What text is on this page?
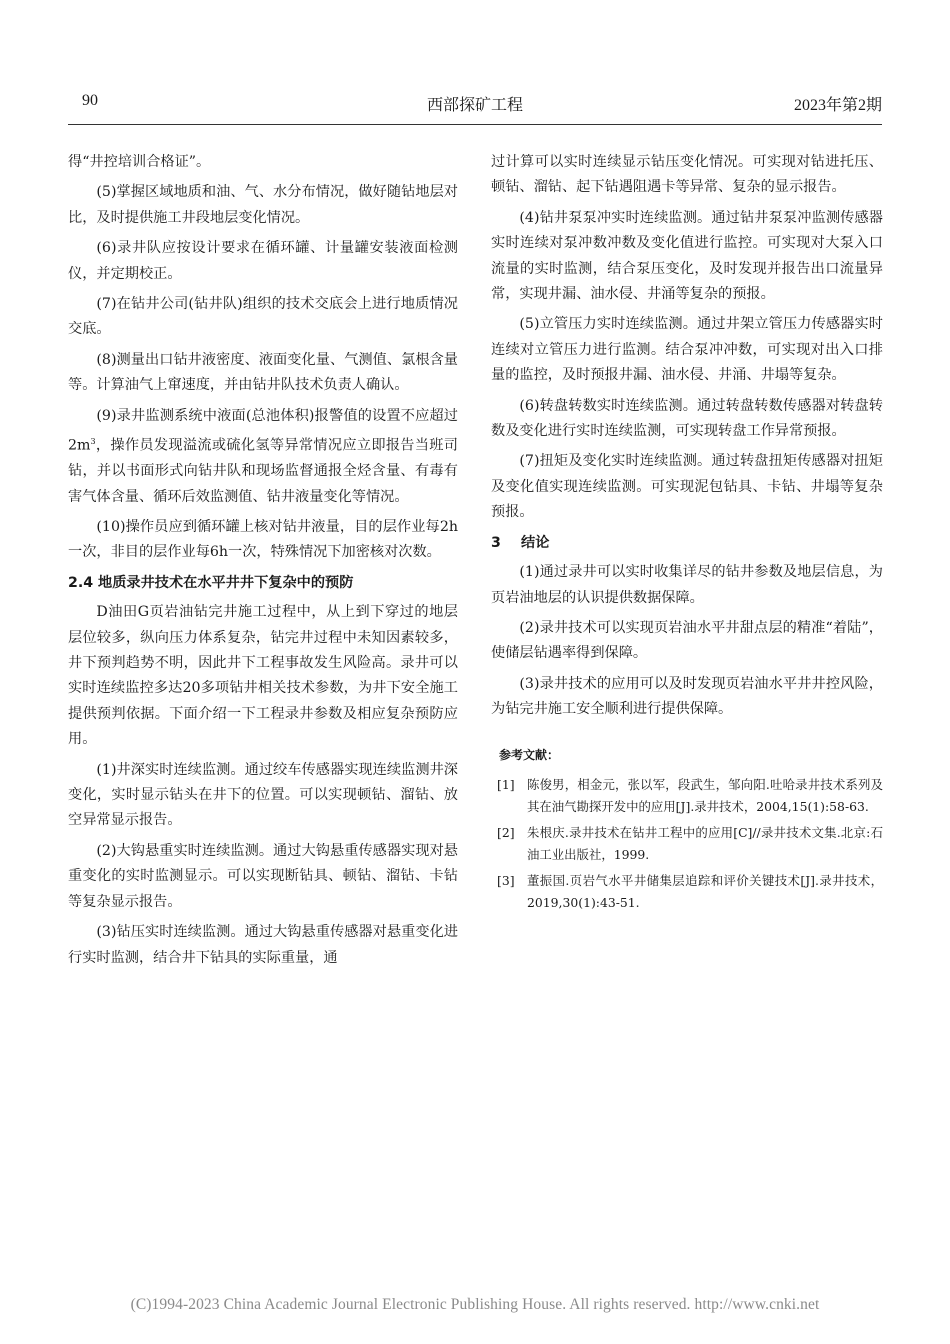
90	西部探矿工程	2023年第2期

得“井控培训合格证”。

(5)掌握区域地质和油、气、水分布情况，做好随钻地层对比，及时提供施工井段地层变化情况。

(6)录井队应按设计要求在循环罐、计量罐安装液面检测仪，并定期校正。

(7)在钻井公司(钻井队)组织的技术交底会上进行地质情况交底。

(8)测量出口钻井液密度、液面变化量、气测值、氯根含量等。计算油气上窜速度，并由钻井队技术负责人确认。

(9)录井监测系统中液面(总池体积)报警值的设置不应超过$2m^3$，操作员发现溢流或硫化氢等异常情况应立即报告当班司钻，并以书面形式向钻井队和现场监督通报全烃含量、有毒有害气体含量、循环后效监测值、钻井液量变化等情况。

(10)操作员应到循环罐上核对钻井液量，目的层作业每2h一次，非目的层作业每6h一次，特殊情况下加密核对次数。

2.4 地质录井技术在水平井井下复杂中的预防

D油田G页岩油钻完井施工过程中，从上到下穿过的地层层位较多，纵向压力体系复杂，钻完井过程中未知因素较多，井下预判趋势不明，因此井下工程事故发生风险高。录井可以实时连续监控多达20多项钻井相关技术参数，为井下安全施工提供预判依据。下面介绍一下工程录井参数及相应复杂预防应用。

(1)井深实时连续监测。通过绞车传感器实现连续监测井深变化，实时显示钻头在井下的位置。可以实现顿钻、溜钻、放空异常显示报告。

(2)大钩悬重实时连续监测。通过大钩悬重传感器实现对悬重变化的实时监测显示。可以实现断钻具、顿钻、溜钻、卡钻等复杂显示报告。

(3)钻压实时连续监测。通过大钩悬重传感器对悬重变化进行实时监测，结合井下钻具的实际重量，通

过计算可以实时连续显示钻压变化情况。可实现对钻进托压、顿钻、溜钻、起下钻遇阻遇卡等异常、复杂的显示报告。

(4)钻井泵泵冲实时连续监测。通过钻井泵泵冲监测传感器实时连续对泵冲数冲数及变化值进行监控。可实现对大泵入口流量的实时监测，结合泵压变化，及时发现并报告出口流量异常，实现井漏、油水侵、井涌等复杂的预报。

(5)立管压力实时连续监测。通过井架立管压力传感器实时连续对立管压力进行监测。结合泵冲冲数，可实现对出入口排量的监控，及时预报井漏、油水侵、井涌、井塌等复杂。

(6)转盘转数实时连续监测。通过转盘转数传感器对转盘转数及变化进行实时连续监测，可实现转盘工作异常预报。

(7)扭矩及变化实时连续监测。通过转盘扭矩传感器对扭矩及变化值实现连续监测。可实现泥包钻具、卡钻、井塌等复杂预报。

3 结论

(1)通过录井可以实时收集详尽的钻井参数及地层信息，为页岩油地层的认识提供数据保障。

(2)录井技术可以实现页岩油水平井甜点层的精准“着陆”，使储层钻遇率得到保障。

(3)录井技术的应用可以及时发现页岩油水平井井控风险，为钻完井施工安全顺利进行提供保障。

参考文献：
[1]	陈俊男，相金元，张以军，段武生，邹向阳.吐哈录井技术系列及其在油气勘探开发中的应用[J].录井技术，2004,15(1):58-63.
[2]	朱根庆.录井技术在钻井工程中的应用[C]//录井技术文集.北京:石油工业出版社，1999.
[3]	董振国.页岩气水平井储集层追踪和评价关键技术[J].录井技术，2019,30(1):43-51.
(C)1994-2023 China Academic Journal Electronic Publishing House. All rights reserved. http://www.cnki.net
